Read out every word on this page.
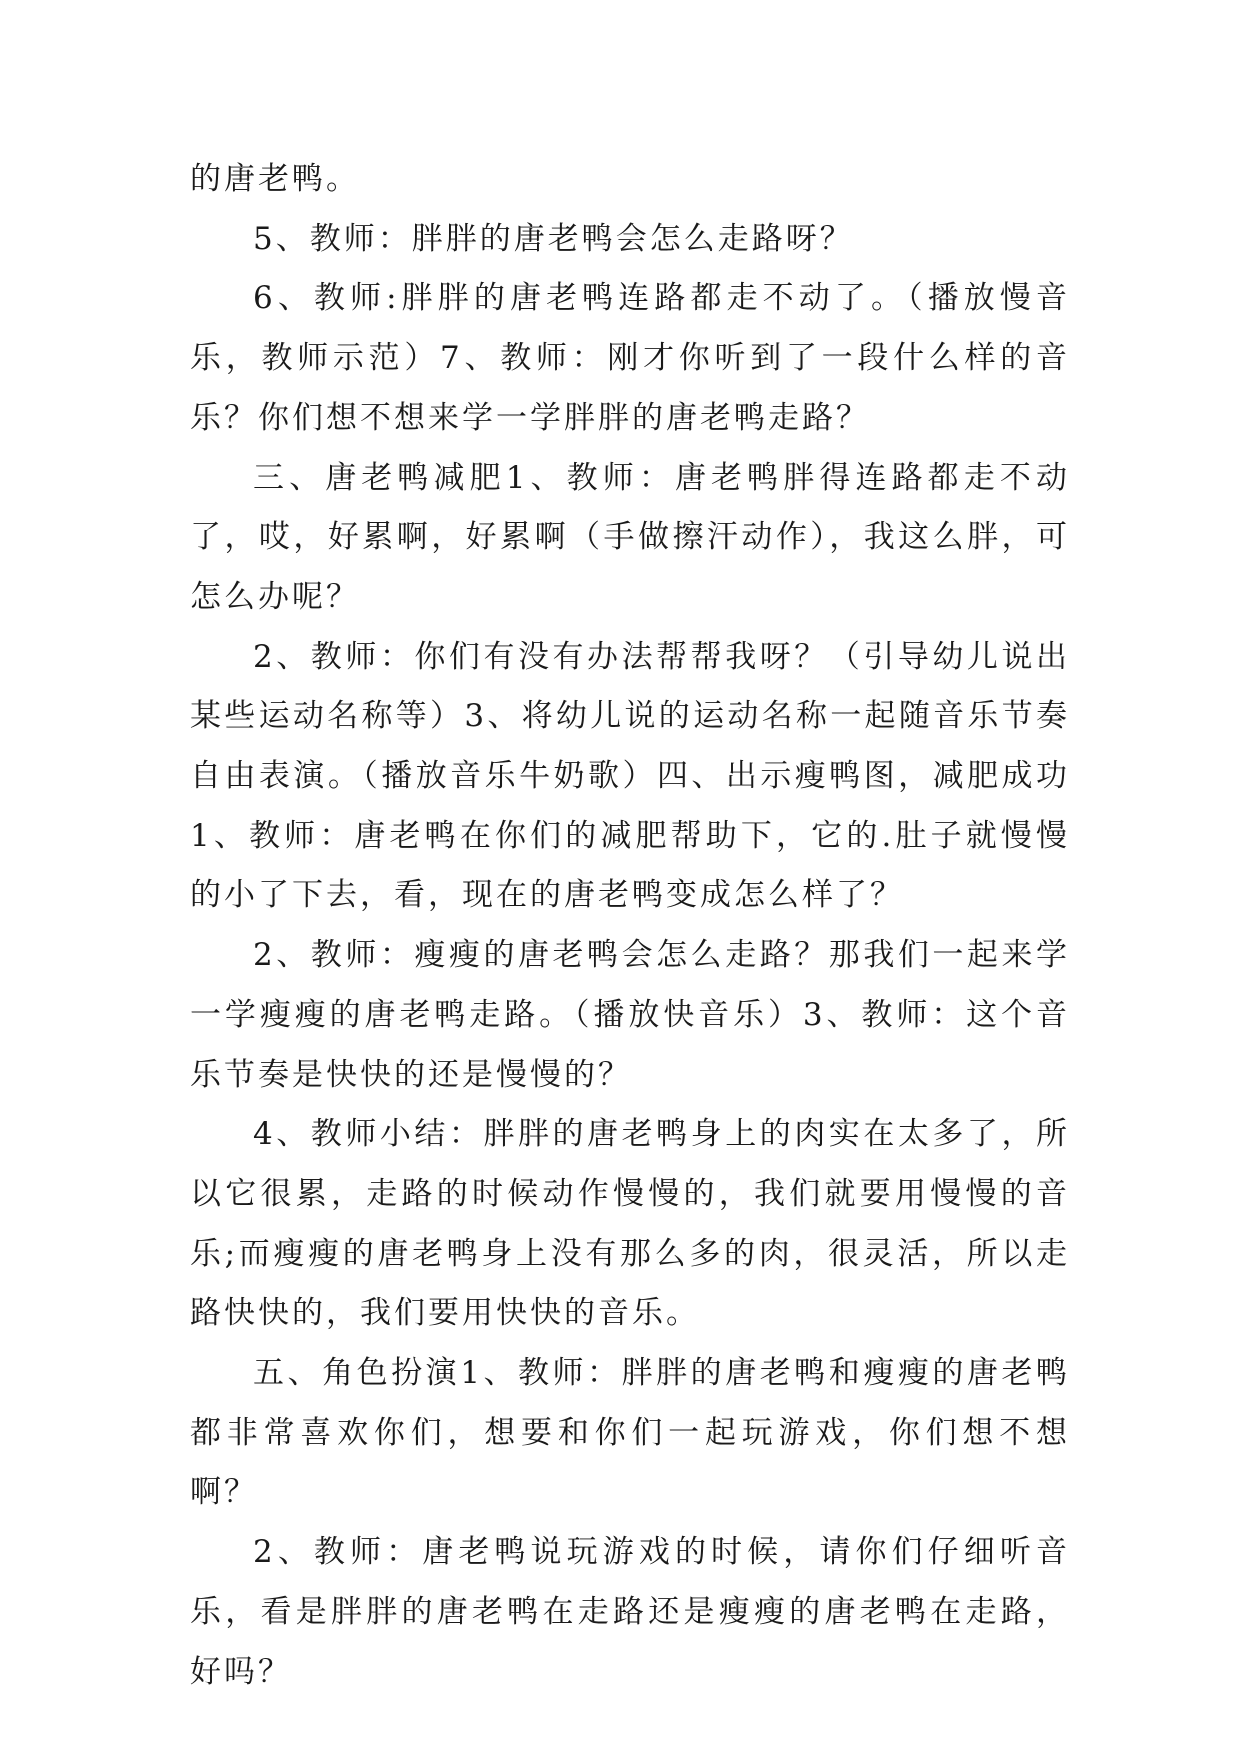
的唐老鸭。

5、教师：胖胖的唐老鸭会怎么走路呀？

6、教师:胖胖的唐老鸭连路都走不动了。（播放慢音乐，教师示范）7、教师：刚才你听到了一段什么样的音乐？你们想不想来学一学胖胖的唐老鸭走路？

三、唐老鸭减肥1、教师：唐老鸭胖得连路都走不动了，哎，好累啊，好累啊（手做擦汗动作），我这么胖，可怎么办呢？

2、教师：你们有没有办法帮帮我呀？（引导幼儿说出某些运动名称等）3、将幼儿说的运动名称一起随音乐节奏自由表演。（播放音乐牛奶歌）四、出示瘦鸭图，减肥成功1、教师：唐老鸭在你们的减肥帮助下，它的.肚子就慢慢的小了下去，看，现在的唐老鸭变成怎么样了？

2、教师：瘦瘦的唐老鸭会怎么走路？那我们一起来学一学瘦瘦的唐老鸭走路。（播放快音乐）3、教师：这个音乐节奏是快快的还是慢慢的？

4、教师小结：胖胖的唐老鸭身上的肉实在太多了，所以它很累，走路的时候动作慢慢的，我们就要用慢慢的音乐;而瘦瘦的唐老鸭身上没有那么多的肉，很灵活，所以走路快快的，我们要用快快的音乐。

五、角色扮演1、教师：胖胖的唐老鸭和瘦瘦的唐老鸭都非常喜欢你们，想要和你们一起玩游戏，你们想不想啊？

2、教师：唐老鸭说玩游戏的时候，请你们仔细听音乐，看是胖胖的唐老鸭在走路还是瘦瘦的唐老鸭在走路，好吗？
